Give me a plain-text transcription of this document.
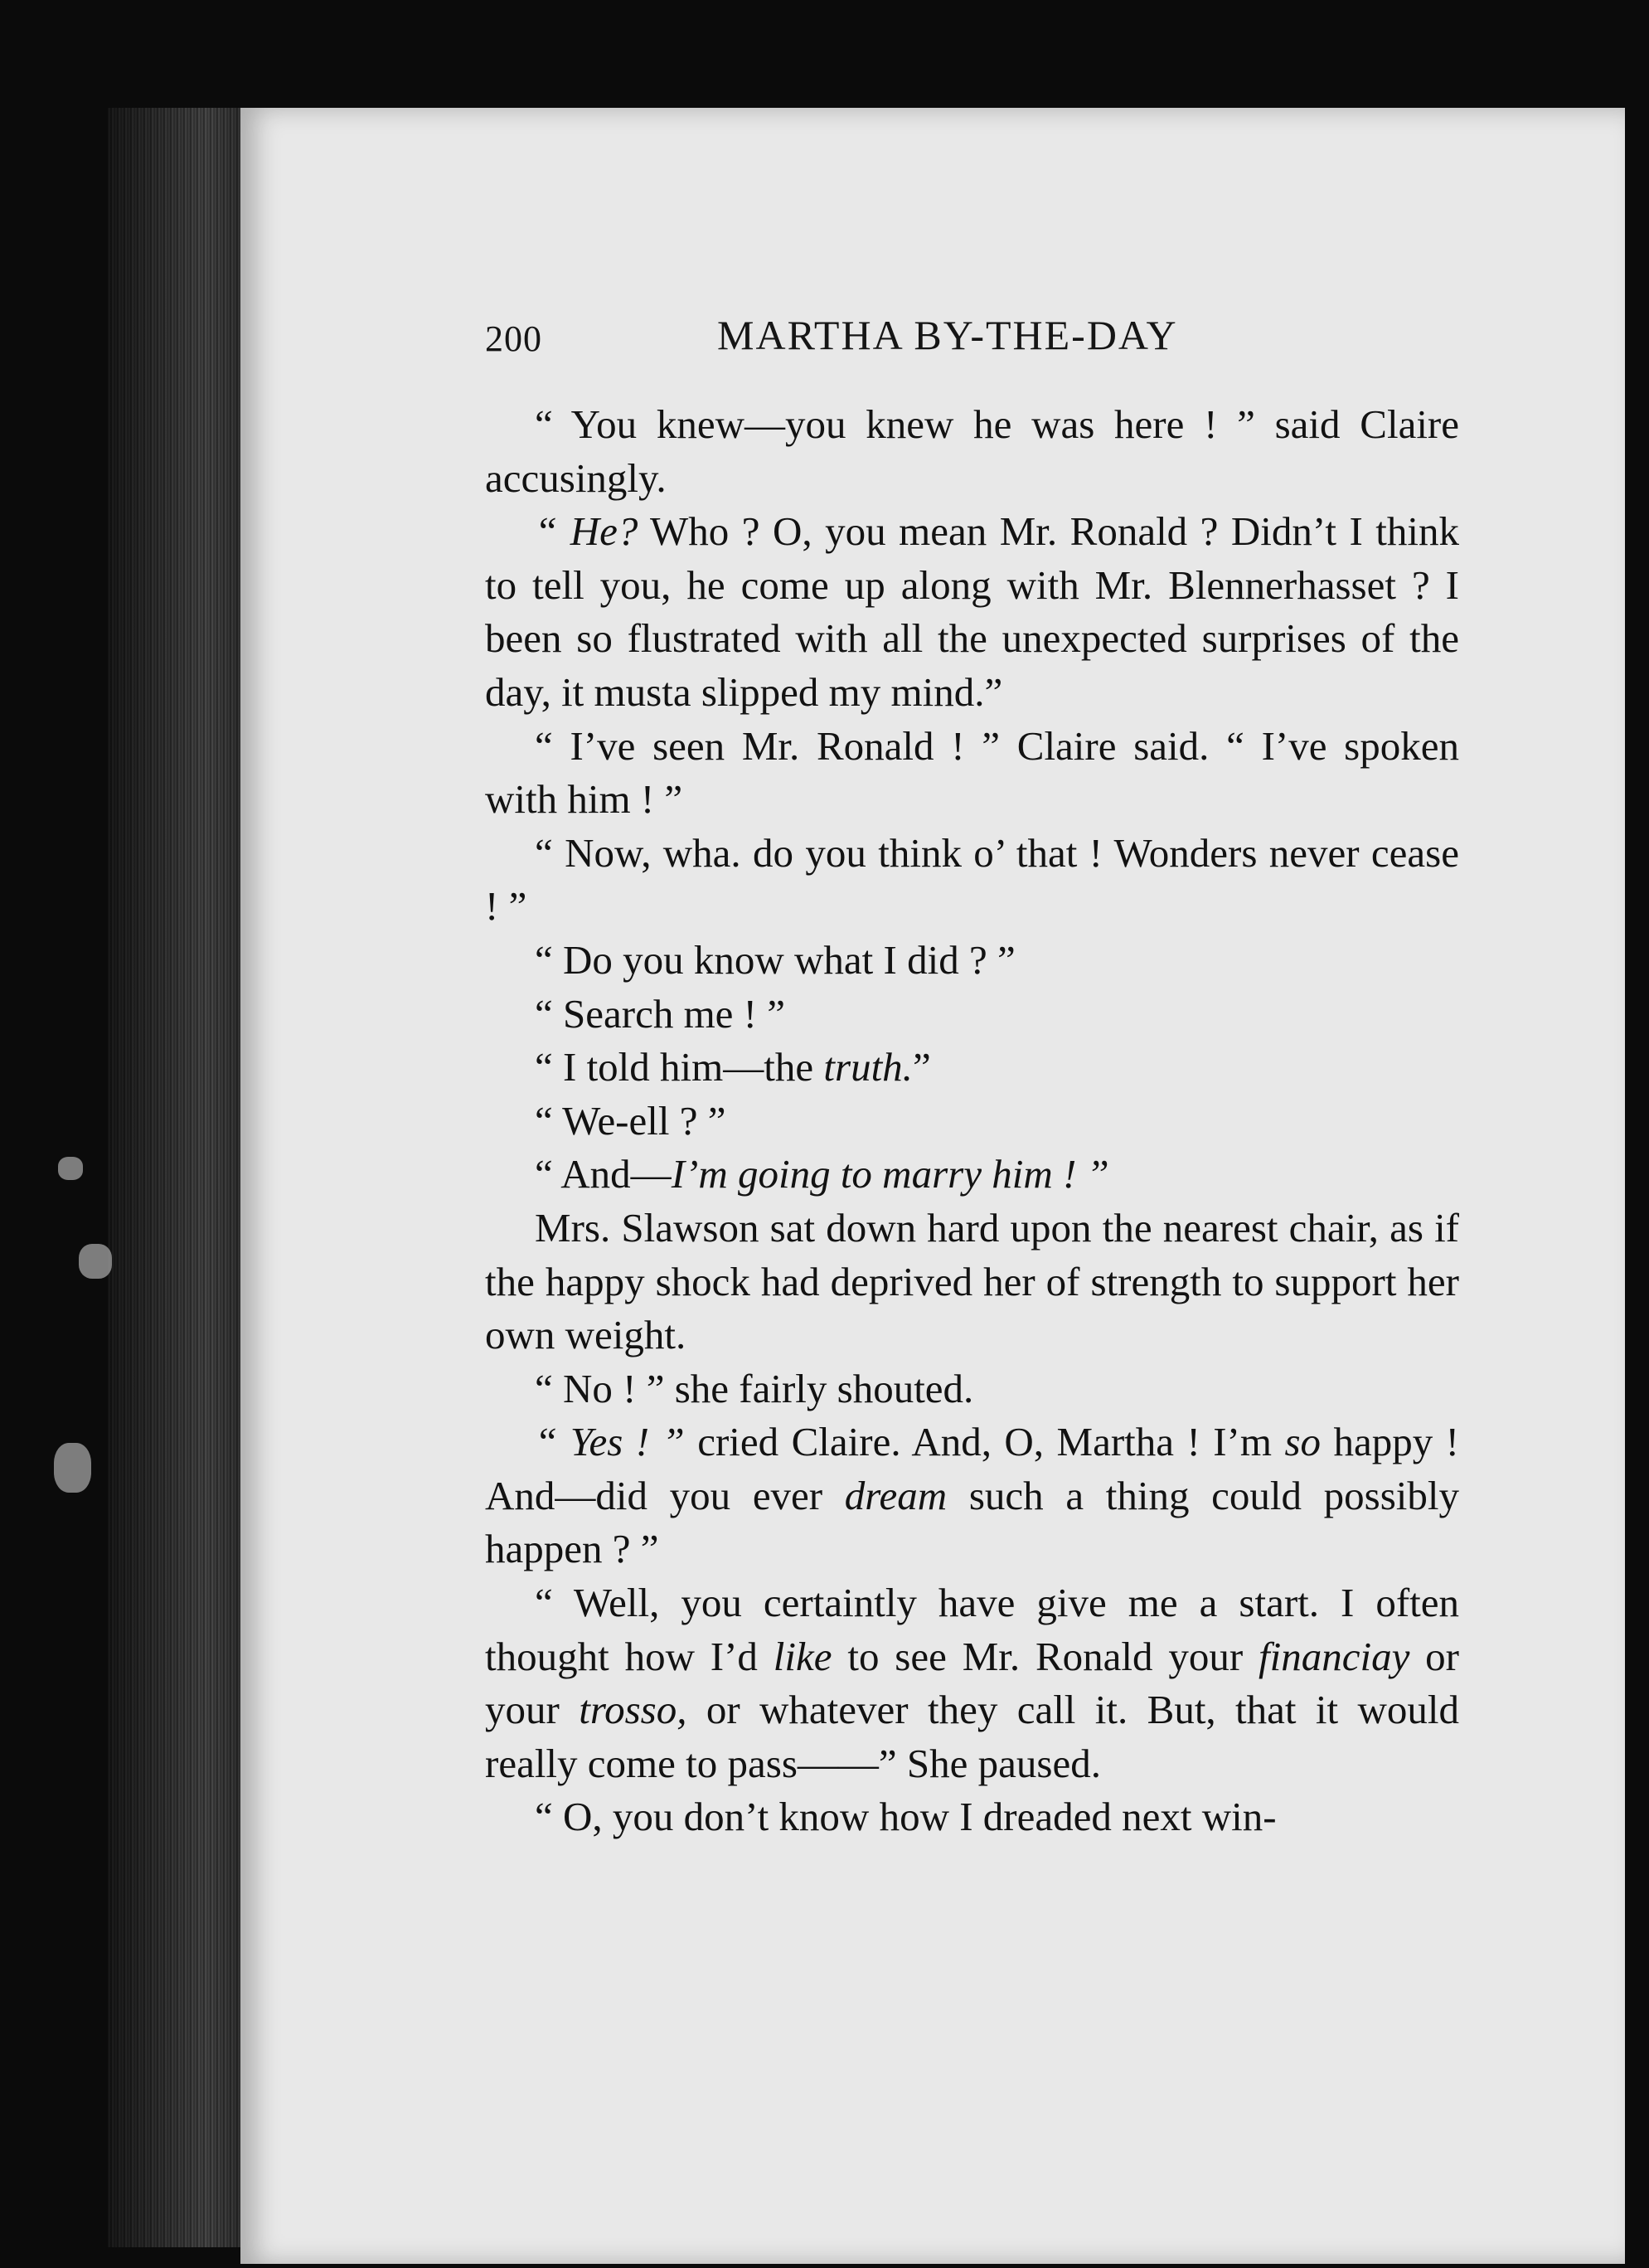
200	MARTHA BY-THE-DAY

“ You knew—you knew he was here ! ” said Claire accusingly.

“ He? Who ? O, you mean Mr. Ronald ? Didn’t I think to tell you, he come up along with Mr. Blennerhasset ? I been so flustrated with all the unexpected surprises of the day, it musta slipped my mind.”

“ I’ve seen Mr. Ronald ! ” Claire said. “ I’ve spoken with him ! ”

“ Now, wha. do you think o’ that ! Wonders never cease ! ”

“ Do you know what I did ? ”

“ Search me ! ”

“ I told him—the truth.”

“ We-ell ? ”

“ And—I’m going to marry him ! ”

Mrs. Slawson sat down hard upon the nearest chair, as if the happy shock had deprived her of strength to support her own weight.

“ No ! ” she fairly shouted.

“ Yes ! ” cried Claire. And, O, Martha ! I’m so happy ! And—did you ever dream such a thing could possibly happen ? ”

“ Well, you certaintly have give me a start. I often thought how I’d like to see Mr. Ronald your financiay or your trosso, or whatever they call it. But, that it would really come to pass——” She paused.

“ O, you don’t know how I dreaded next win-
